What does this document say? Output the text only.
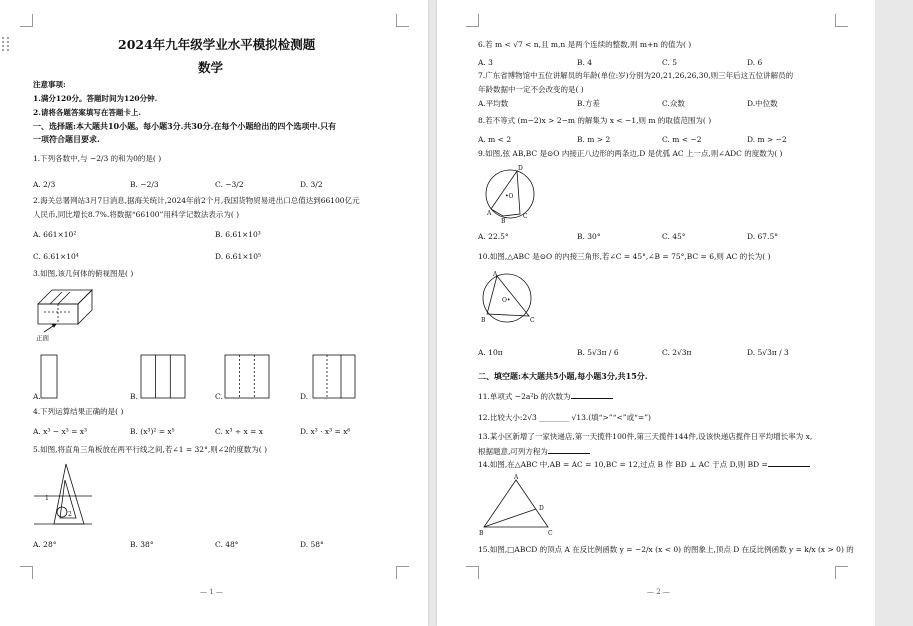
2024年九年级学业水平模拟检测题
数学
注意事项:
1.满分120分。答题时间为120分钟.
2.请将各题答案填写在答题卡上.
一、选择题:本大题共10小题。每小题3分.共30分.在每个小题给出的四个选项中.只有
一项符合题目要求.
1.下列各数中,与 −2/3 的和为0的是( )
A. 2/3	B. −2/3	C. −3/2	D. 3/2
2.海关总署网站3月7日消息,据海关统计,2024年前2个月,我国货物贸易进出口总值达到66100亿元
人民币,同比增长8.7%.将数据“66100”用科学记数法表示为( )
A. 661×10²	B. 6.61×10³
C. 6.61×10⁴	D. 6.61×10⁵
3.如图,该几何体的俯视图是( )
正面
A.	B.	C.	D.
4.下列运算结果正确的是( )
A. x³ − x³ = x³	B. (x³)² = x⁵	C. x³ ÷ x = x	D. x³ · x³ = x⁶
5.如图,将直角三角板放在两平行线之间,若∠1 = 32°,则∠2的度数为( )
1
2
A. 28°	B. 38°	C. 48°	D. 58°
— 1 —
6.若 m < √7 < n,且 m,n 是两个连续的整数,则 m+n 的值为( )
A. 3	B. 4	C. 5	D. 6
7.广东省博物馆中五位讲解员的年龄(单位:岁)分别为20,21,26,26,30,则三年后这五位讲解员的
年龄数据中一定不会改变的是( )
A.平均数	B.方差	C.众数	D.中位数
8.若不等式 (m−2)x > 2−m 的解集为 x < −1,则 m 的取值范围为( )
A. m < 2	B. m > 2	C. m < −2	D. m > −2
9.如图,弦 AB,BC 是⊙O 内接正八边形的两条边,D 是优弧 AC 上一点,则∠ADC 的度数为( )
D
•O
A
B
C
A. 22.5°	B. 30°	C. 45°	D. 67.5°
10.如图,△ABC 是⊙O 的内接三角形,若∠C = 45°,∠B = 75°,BC = 6,则 AC 的长为( )
A
O•
B	C
A. 10π	B. 5√3π / 6	C. 2√3π	D. 5√3π / 3
二、填空题:本大题共5小题,每小题3分,共15分.
11.单项式 −2a²b 的次数为
12.比较大小:2√3 ________ √13.(填“>”“<”或“=”)
13.某小区新增了一家快递店,第一天揽件100件,第三天揽件144件,设该快递店揽件日平均增长率为 x,
根据题意,可列方程为
14.如图,在△ABC 中,AB = AC = 10,BC = 12,过点 B 作 BD ⊥ AC 于点 D,则 BD =
A
B	C
D
15.如图,□ABCD 的顶点 A 在反比例函数 y = −2/x (x < 0) 的图象上,顶点 D 在反比例函数 y = k/x (x > 0) 的
— 2 —
